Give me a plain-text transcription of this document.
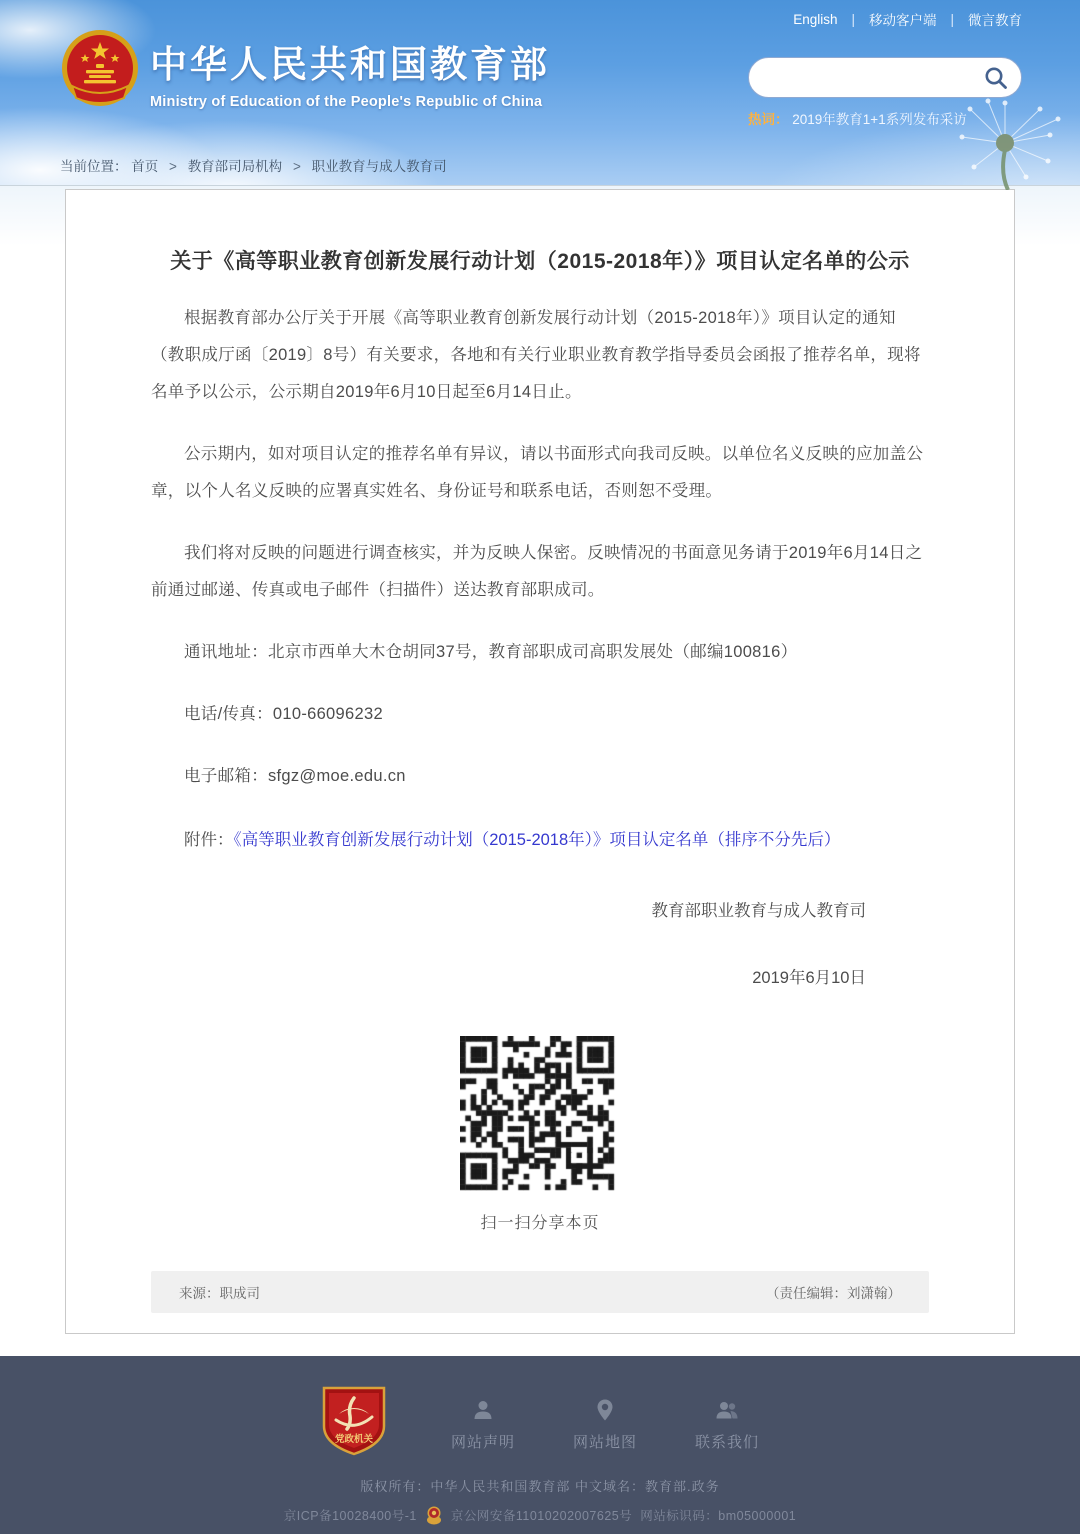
中华人民共和国教育部
Ministry of Education of the People's Republic of China
English | 移动客户端 | 微言教育
热词： 2019年教育1+1系列发布采访
当前位置： 首页 > 教育部司局机构 > 职业教育与成人教育司
关于《高等职业教育创新发展行动计划（2015-2018年）》项目认定名单的公示

根据教育部办公厅关于开展《高等职业教育创新发展行动计划（2015-2018年）》项目认定的通知（教职成厅函〔2019〕8号）有关要求，各地和有关行业职业教育教学指导委员会函报了推荐名单，现将名单予以公示，公示期自2019年6月10日起至6月14日止。

公示期内，如对项目认定的推荐名单有异议，请以书面形式向我司反映。以单位名义反映的应加盖公章，以个人名义反映的应署真实姓名、身份证号和联系电话，否则恕不受理。

我们将对反映的问题进行调查核实，并为反映人保密。反映情况的书面意见务请于2019年6月14日之前通过邮递、传真或电子邮件（扫描件）送达教育部职成司。

通讯地址：北京市西单大木仓胡同37号，教育部职成司高职发展处（邮编100816）

电话/传真：010-66096232

电子邮箱：sfgz@moe.edu.cn

附件：《高等职业教育创新发展行动计划（2015-2018年）》项目认定名单（排序不分先后）

教育部职业教育与成人教育司
2019年6月10日
扫一扫分享本页
来源：职成司	（责任编辑：刘潇翰）
党政机关	网站声明	网站地图	联系我们
版权所有：中华人民共和国教育部 中文域名：教育部.政务
京ICP备10028400号-1	京公网安备11010202007625号 网站标识码：bm05000001
